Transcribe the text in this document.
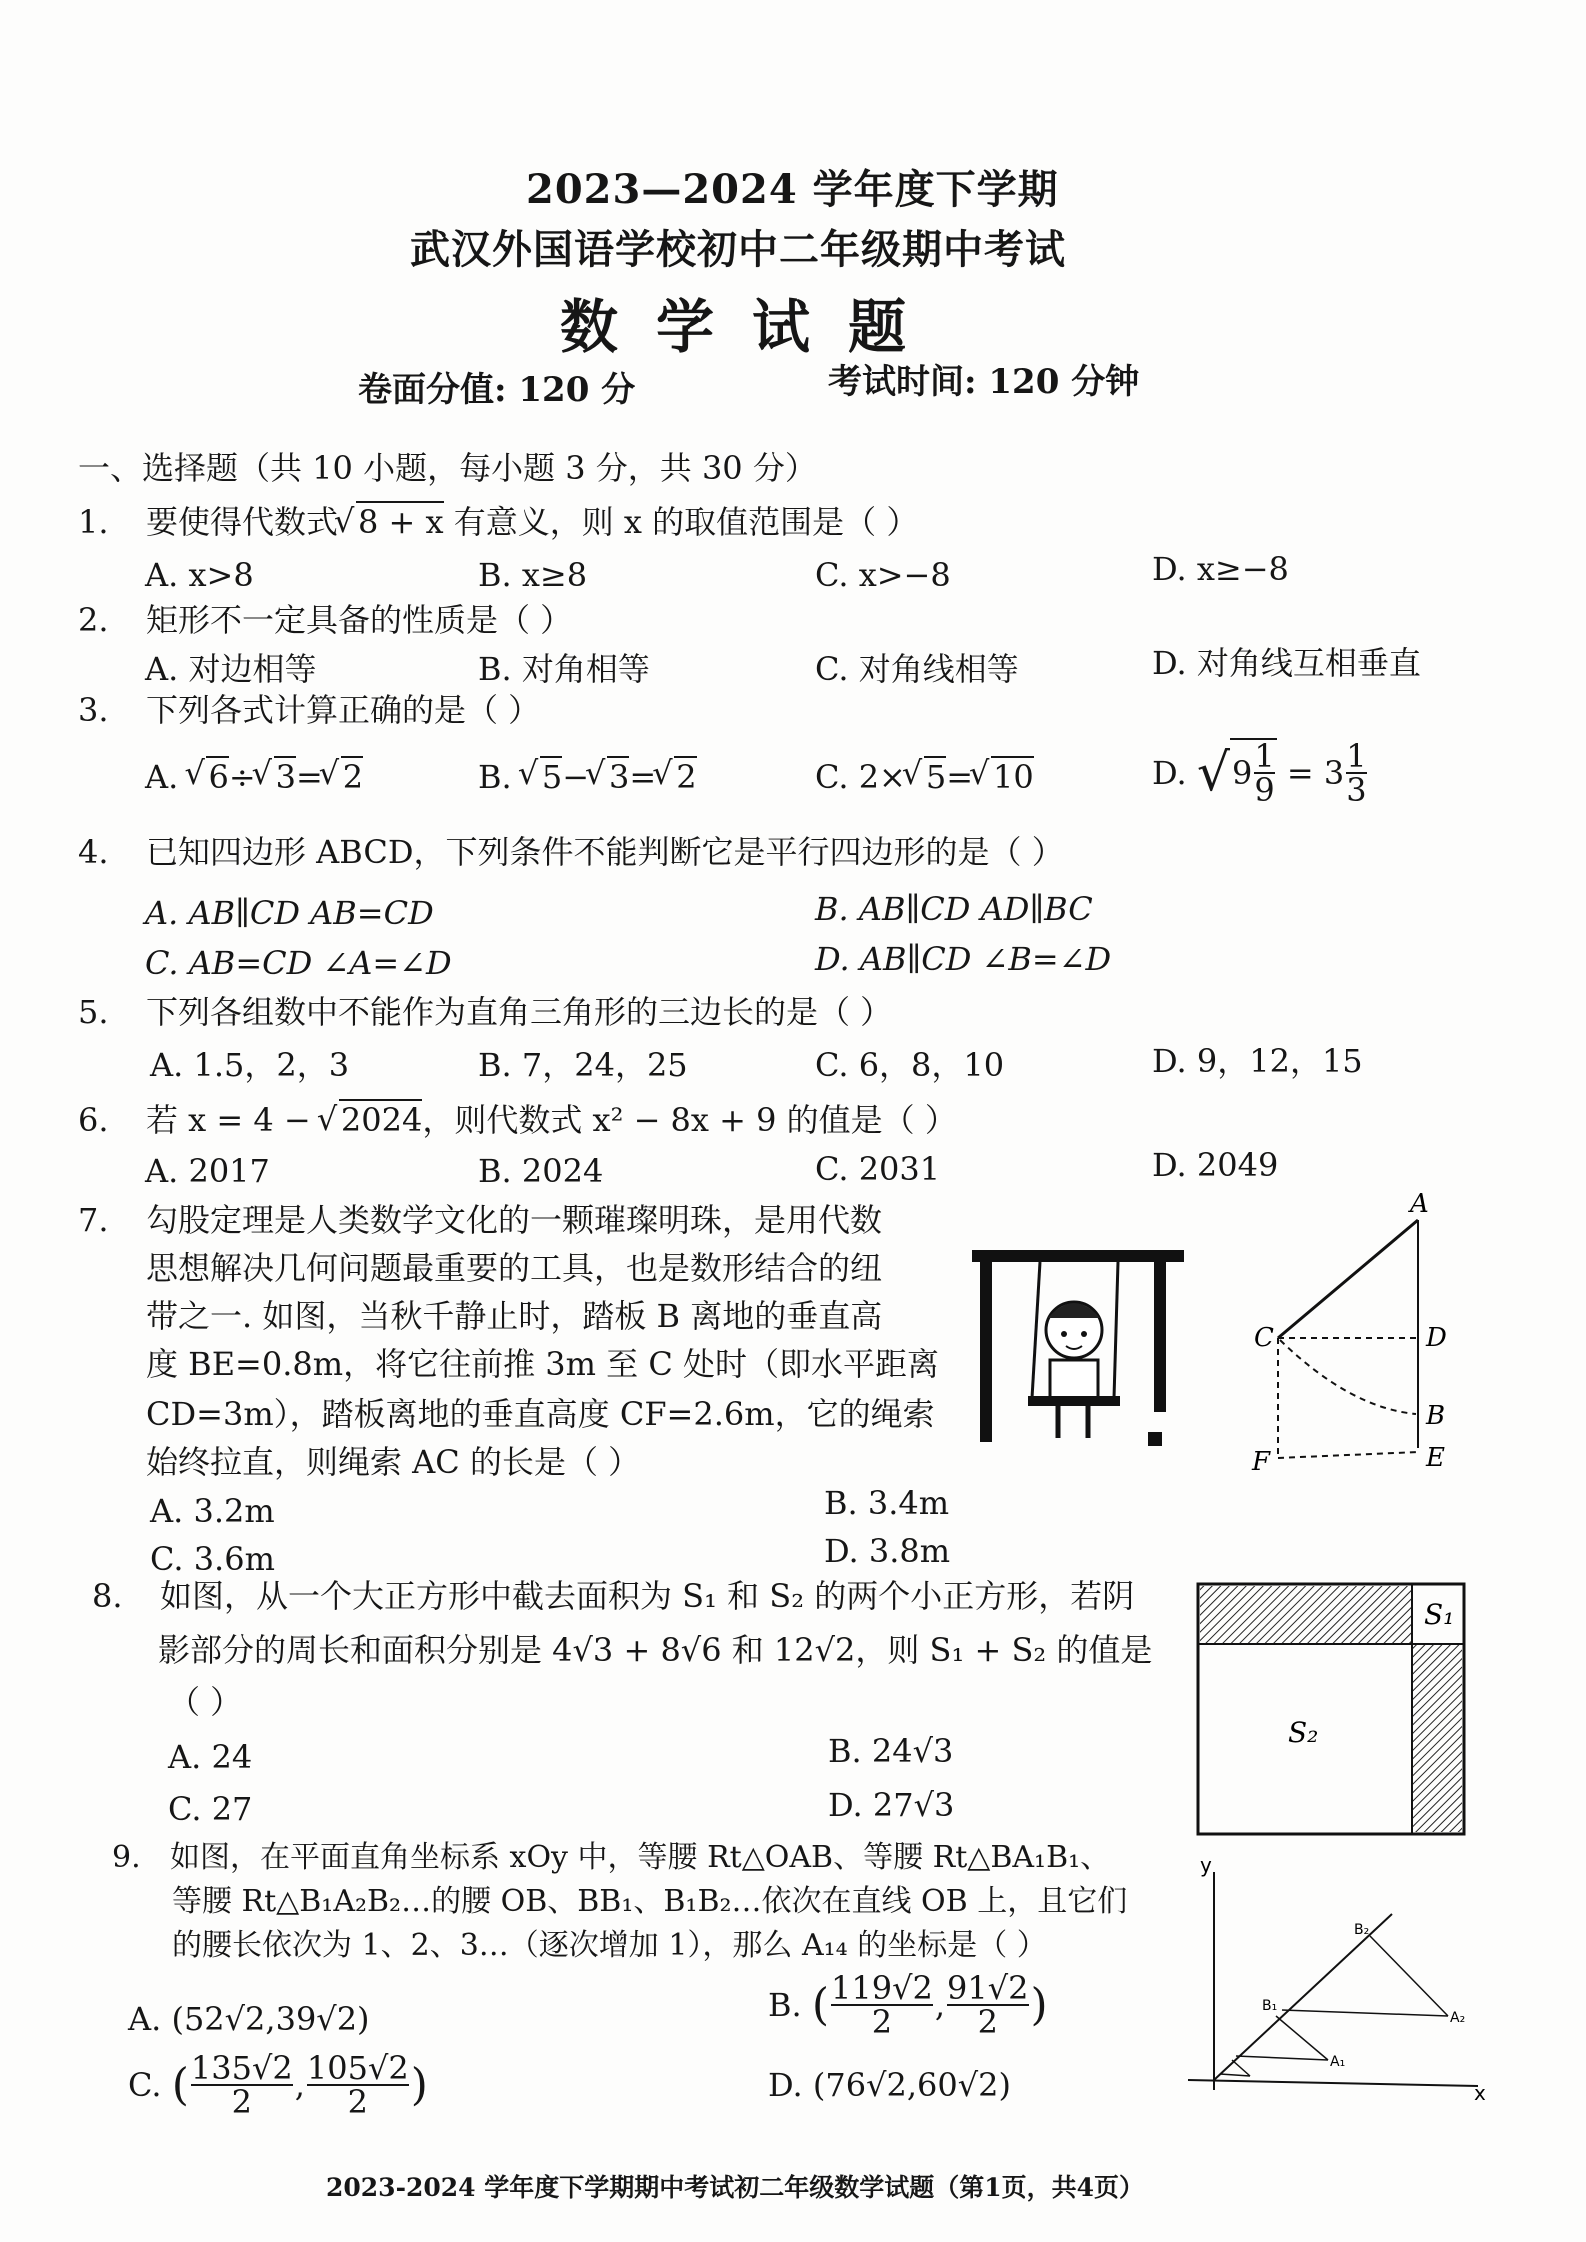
2023—2024 学年度下学期
武汉外国语学校初中二年级期中考试
数学试题
卷面分值: 120 分	考试时间: 120 分钟
一、选择题（共 10 小题，每小题 3 分，共 30 分）
1. 要使得代数式 √ 8 + x 有意义，则 x 的取值范围是（ ）
A. x>8	B. x≥8	C. x>−8	D. x≥−8
2. 矩形不一定具备的性质是（ ）
A. 对边相等	B. 对角相等	C. 对角线相等	D. 对角线互相垂直
3. 下列各式计算正确的是（ ）
A. √ 6÷ √ 3= √ 2	B. √ 5− √ 3= √ 2	C. 2× √ 5= √ 10	D. $√9 \frac{1}{9} = 3 \frac{1}{3}$
4. 已知四边形 ABCD，下列条件不能判断它是平行四边形的是（ ）
A. AB∥CD AB=CD	B. AB∥CD AD∥BC
C. AB=CD ∠A=∠D	D. AB∥CD ∠B=∠D
5. 下列各组数中不能作为直角三角形的三边长的是（ ）
A. 1.5，2，3	B. 7，24，25	C. 6，8，10	D. 9，12，15
6. 若 x = 4 − √ 2024，则代数式 x² − 8x + 9 的值是（ ）
A. 2017	B. 2024	C. 2031	D. 2049
7. 勾股定理是人类数学文化的一颗璀璨明珠，是用代数
思想解决几何问题最重要的工具，也是数形结合的纽
带之一. 如图，当秋千静止时，踏板 B 离地的垂直高
度 BE=0.8m，将它往前推 3m 至 C 处时（即水平距离
CD=3m），踏板离地的垂直高度 CF=2.6m，它的绳索
始终拉直，则绳索 AC 的长是（ ）
A. 3.2m	B. 3.4m
C. 3.6m	D. 3.8m
A
C	D
B
F	E
8. 如图，从一个大正方形中截去面积为 S₁ 和 S₂ 的两个小正方形，若阴
影部分的周长和面积分别是 4√3 + 8√6 和 12√2，则 S₁ + S₂ 的值是
（ ）
A. 24	B. 24√3
C. 27	D. 27√3
S₁
S₂
9. 如图，在平面直角坐标系 xOy 中，等腰 Rt△OAB、等腰 Rt△BA₁B₁、
等腰 Rt△B₁A₂B₂…的腰 OB、BB₁、B₁B₂…依次在直线 OB 上，且它们
的腰长依次为 1、2、3…（逐次增加 1），那么 A₁₄ 的坐标是（ ）
A. (52√2,39√2)	B. ( $\frac{119√2}{2}$ , $\frac{91√2}{2}$ )
C. ( $\frac{135√2}{2}$ , $\frac{105√2}{2}$ )	D. (76√2,60√2)
y
x
B₂
B₁
A₂
A₁
2023-2024 学年度下学期期中考试初二年级数学试题（第1页，共4页）
